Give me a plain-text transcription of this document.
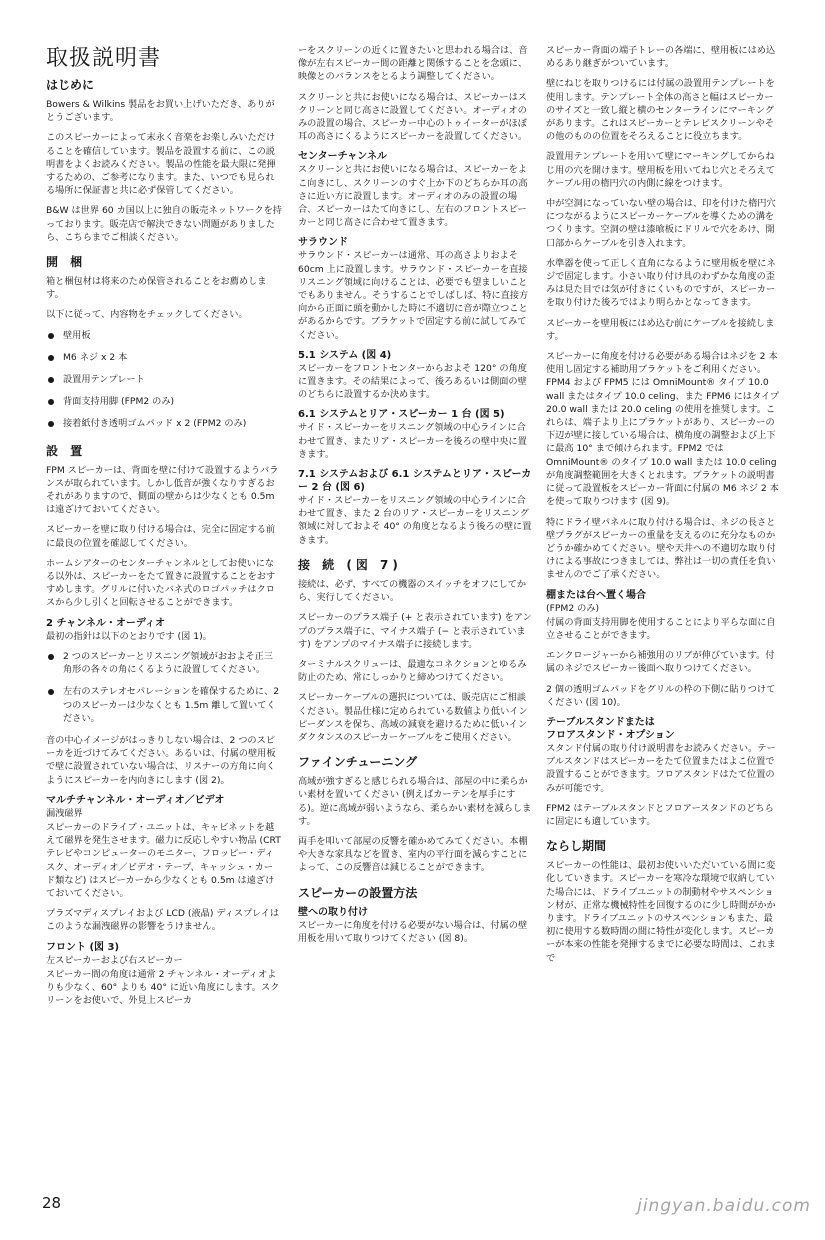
取扱説明書
はじめに

Bowers & Wilkins 製品をお買い上げいただき、ありがとうございます。

このスピーカーによって末永く音楽をお楽しみいただけることを確信しています。製品を設置する前に、この説明書をよくお読みください。製品の性能を最大限に発揮するための、ご参考になります。また、いつでも見られる場所に保証書と共に必ず保管してください。

B&W は世界 60 カ国以上に独自の販売ネットワークを持っております。販売店で解決できない問題がありましたら、こちらまでご相談ください。

開 梱

箱と梱包材は将来のため保管されることをお薦めします。

以下に従って、内容物をチェックしてください。

壁用板
M6 ネジ x 2 本
設置用テンプレート
背面支持用脚 (FPM2 のみ)
接着紙付き透明ゴムパッド x 2 (FPM2 のみ)
設 置

FPM スピーカーは、背面を壁に付けて設置するようバランスが取られています。しかし低音が強くなりすぎるおそれがありますので、側面の壁からは少なくとも 0.5m は遠ざけておいてください。

スピーカーを壁に取り付ける場合は、完全に固定する前に最良の位置を確認してください。

ホームシアターのセンターチャンネルとしてお使いになる以外は、スピーカーをたて置きに設置することをおすすめします。グリルに付いたバネ式のロゴパッチはクロスから少し引くと回転させることができます。

2 チャンネル・オーディオ

最初の指針は以下のとおりです (図 1)。

2 つのスピーカーとリスニング領域がおおよそ正三角形の各々の角にくるように設置してください。
左右のステレオセパレーションを確保するために、2 つのスピーカーは少なくとも 1.5m 離して置いてください。

音の中心イメージがはっきりしない場合は、2 つのスピーカを近づけてみてください。あるいは、付属の壁用板で壁に設置されていない場合は、リスナーの方角に向くようにスピーカーを内向きにします (図 2)。

マルチチャンネル・オーディオ／ビデオ

漏洩磁界

スピーカーのドライブ・ユニットは、キャビネットを越えて磁界を発生させます。磁力に反応しやすい物品 (CRT テレビやコンピューターのモニター、フロッピー・ディスク、オーディオ／ビデオ・テープ、キャッシュ・カード類など) はスピーカーから少なくとも 0.5m は遠ざけておいてください。

プラズマディスプレイおよび LCD (液晶) ディスプレイはこのような漏洩磁界の影響をうけません。

フロント (図 3)

左スピーカーおよび右スピーカー

スピーカー間の角度は通常 2 チャンネル・オーディオよりも少なく、60° よりも 40° に近い角度にします。スクリーンをお使いで、外見上スピーカ

ーをスクリーンの近くに置きたいと思われる場合は、音像が左右スピーカー間の距離と関係することを念頭に、映像とのバランスをとるよう調整してください。

スクリーンと共にお使いになる場合は、スピーカーはスクリーンと同じ高さに設置してください。オーディオのみの設置の場合、スピーカー中心のトゥイーターがほぼ耳の高さにくるようにスピーカーを設置してください。

センターチャンネル

スクリーンと共にお使いになる場合は、スピーカーをよこ向きにし、スクリーンのすぐ上か下のどちらか耳の高さに近い方に設置します。オーディオのみの設置の場合、スピーカーはたて向きにし、左右のフロントスピーカーと同じ高さに合わせて置きます。

サラウンド

サラウンド・スピーカーは通常、耳の高さよりおよそ 60cm 上に設置します。サラウンド・スピーカーを直接リスニング領域に向けることは、必要でも望ましいことでもありません。そうすることでしばしば、特に直接方向から正面に頭を動かした時に不適切に音が際立つことがあるからです。ブラケットで固定する前に試してみてください。

5.1 システム (図 4)

スピーカーをフロントセンターからおよそ 120° の角度に置きます。その結果によって、後ろあるいは側面の壁のどちらに設置するか決めます。

6.1 システムとリア・スピーカー 1 台 (図 5)

サイド・スピーカーをリスニング領域の中心ラインに合わせて置き、またリア・スピーカーを後ろの壁中央に置きます。

7.1 システムおよび 6.1 システムとリア・スピーカー 2 台 (図 6)

サイド・スピーカーをリスニング領域の中心ラインに合わせて置き、また 2 台のリア・スピーカーをリスニング領域に対しておよそ 40° の角度となるよう後ろの壁に置きます。

接 続 (図 7)

接続は、必ず、すべての機器のスイッチをオフにしてから、実行してください。

スピーカーのプラス端子 (+ と表示されています) をアンプのプラス端子に、マイナス端子 (− と表示されています) をアンプのマイナス端子に接続します。

ターミナルスクリューは、最適なコネクションとゆるみ防止のため、常にしっかりと締めつけてください。

スピーカーケーブルの選択については、販売店にご相談ください。製品仕様に定められている数値より低いインピーダンスを保ち、高域の減衰を避けるために低いインダクタンスのスピーカーケーブルをご使用ください。

ファインチューニング

高域が強すぎると感じられる場合は、部屋の中に柔らかい素材を置いてください (例えばカーテンを厚手にする)。逆に高域が弱いようなら、柔らかい素材を減らします。

両手を叩いて部屋の反響を確かめてみてください。本棚や大きな家具などを置き、室内の平行面を減らすことによって、この反響音は減じることができます。

スピーカーの設置方法
壁への取り付け

スピーカーに角度を付ける必要がない場合は、付属の壁用板を用いて取りつけてください (図 8)。

スピーカー背面の端子トレーの各端に、壁用板にはめ込めるあり継ぎがついています。

壁にねじを取りつけるには付属の設置用テンプレートを使用します。テンプレート全体の高さと幅はスピーカーのサイズと一致し縦と横のセンターラインにマーキングがあります。これはスピーカーとテレビスクリーンやその他のものの位置をそろえることに役立ちます。

設置用テンプレートを用いて壁にマーキングしてからねじ用の穴を開けます。壁用板を用いてねじ穴とそろえてケーブル用の楕円穴の内側に線をつけます。

中が空洞になっていない壁の場合は、印を付けた楕円穴につながるようにスピーカーケーブルを導くための溝をつくります。空洞の壁は漆喰板にドリルで穴をあけ、開口部からケーブルを引き入れます。

水準器を使って正しく直角になるように壁用板を壁にネジで固定します。小さい取り付け具のわずかな角度の歪みは見た目では気が付きにくいものですが、スピーカーを取り付けた後ろではより明らかとなってきます。

スピーカーを壁用板にはめ込む前にケーブルを接続します。

スピーカーに角度を付ける必要がある場合はネジを 2 本使用し固定する補助用ブラケットをご利用ください。FPM4 および FPM5 には OmniMount® タイプ 10.0 wall またはタイプ 10.0 celing、また FPM6 にはタイプ 20.0 wall または 20.0 celing の使用を推奨します。これらは、端子より上にブラケットがあり、スピーカーの下辺が壁に接している場合は、横角度の調整および上下に最高 10° まで傾けられます。FPM2 では OmniMount® のタイプ 10.0 wall または 10.0 celing が角度調整範囲を大きくとれます。ブラケットの説明書に従って設置板をスピーカー背面に付属の M6 ネジ 2 本を使って取りつけます (図 9)。

特にドライ壁パネルに取り付ける場合は、ネジの長さと壁プラグがスピーカーの重量を支えるのに充分なものかどうか確かめてください。壁や天井への不適切な取り付けによる事故につきましては、弊社は一切の責任を負いませんのでご了承ください。

棚または台へ置く場合

(FPM2 のみ)

付属の背面支持用脚を使用することにより平らな面に自立させることができます。

エンクロージャーから補強用のリブが伸びています。付属のネジでスピーカー後面へ取りつけてください。

2 個の透明ゴムパッドをグリルの枠の下側に貼りつけてください (図 10)。

テーブルスタンドまたは
フロアスタンド・オプション

スタンド付属の取り付け説明書をお読みください。テーブルスタンドはスピーカーをたて位置またはよこ位置で設置することができます。フロアスタンドはたて位置のみが可能です。

FPM2 はテーブルスタンドとフロアースタンドのどちらに固定にも適しています。

ならし期間

スピーカーの性能は、最初お使いいただいている間に変化していきます。スピーカーを寒冷な環境で収納していた場合には、ドライブユニットの制動材やサスペンション材が、正常な機械特性を回復するのに少し時間がかかります。ドライブユニットのサスペンションもまた、最初に使用する数時間の間に特性が変化します。スピーカーが本来の性能を発揮するまでに必要な時間は、これまで

28	jingyan.baidu.com
